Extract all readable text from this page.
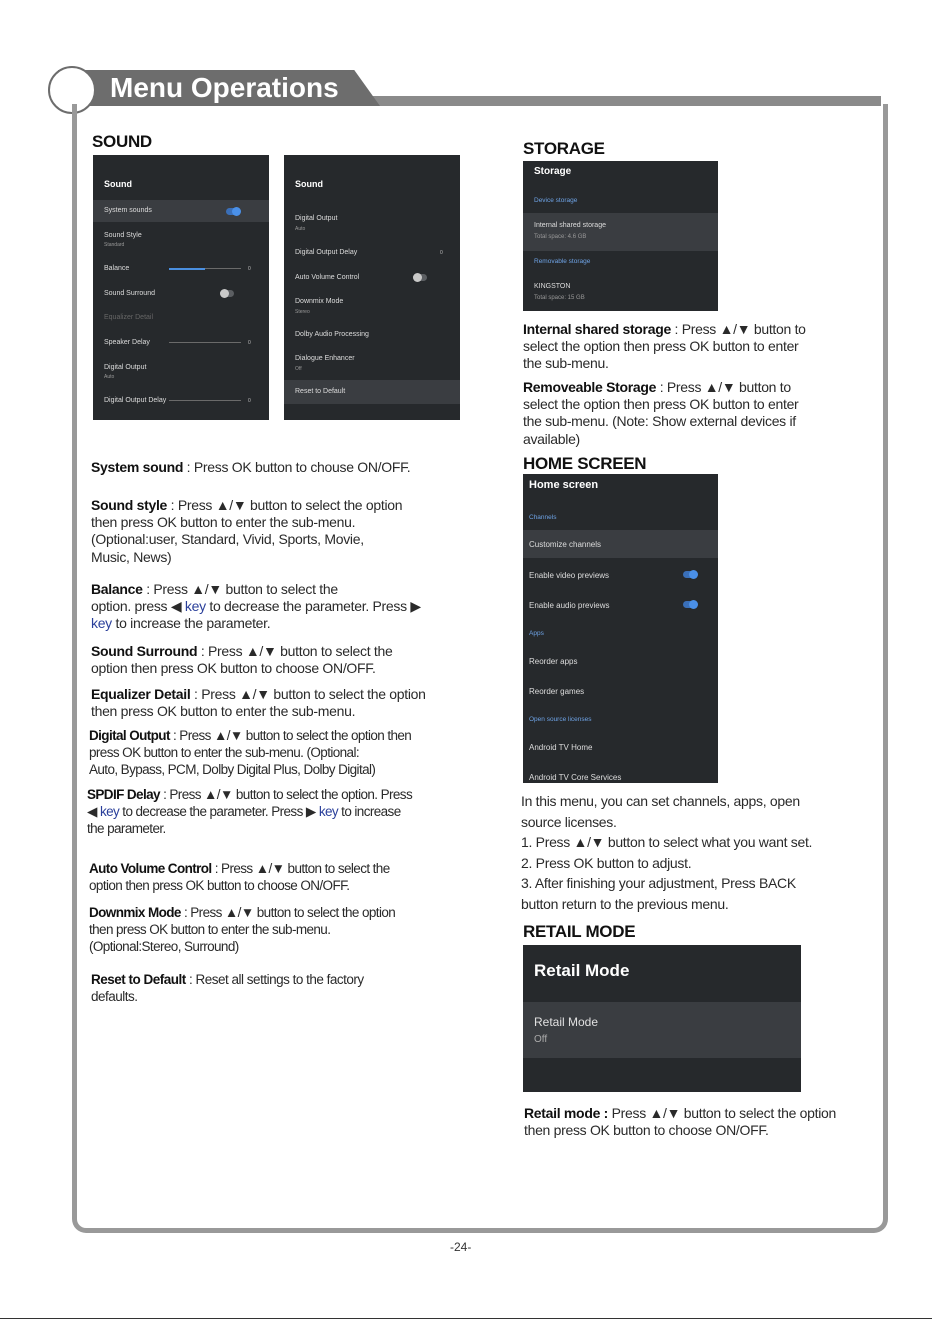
Menu Operations
SOUND	STORAGE
HOME SCREEN
RETAIL MODE
Sound
System sounds
Sound Style
Standard
Balance	0
Sound Surround
Equalizer Detail
Speaker Delay	0
Digital Output
Auto
Digital Output Delay	0
Sound
Digital Output
Auto
Digital Output Delay	0
Auto Volume Control
Downmix Mode
Stereo
Dolby Audio Processing
Dialogue Enhancer
Off
Reset to Default
Storage
Device storage
Internal shared storage
Total space: 4.6 GB
Removable storage
KINGSTON
Total space: 15 GB
Home screen
Channels
Customize channels
Enable video previews
Enable audio previews
Apps
Reorder apps
Reorder games
Open source licenses
Android TV Home
Android TV Core Services
Retail Mode
Retail Mode
Off
System sound : Press OK button to chouse ON/OFF.
Sound style : Press ▲/▼ button to select the option
then press OK button to enter the sub-menu.
(Optional:user, Standard, Vivid, Sports, Movie,
Music, News)
Balance : Press ▲/▼ button to select the
option. press ◀ key to decrease the parameter. Press ▶
key to increase the parameter.
Sound Surround : Press ▲/▼ button to select the
option then press OK button to choose ON/OFF.
Equalizer Detail : Press ▲/▼ button to select the option
then press OK button to enter the sub-menu.
Digital Output : Press ▲/▼ button to select the option then
press OK button to enter the sub-menu. (Optional:
Auto, Bypass, PCM, Dolby Digital Plus, Dolby Digital)
SPDIF Delay : Press ▲/▼ button to select the option. Press
◀ key to decrease the parameter. Press ▶ key to increase
the parameter.
Auto Volume Control : Press ▲/▼ button to select the
option then press OK button to choose ON/OFF.
Downmix Mode : Press ▲/▼ button to select the option
then press OK button to enter the sub-menu.
(Optional:Stereo, Surround)
Reset to Default : Reset all settings to the factory
defaults.
Internal shared storage : Press ▲/▼ button to
select the option then press OK button to enter
the sub-menu.
Removeable Storage : Press ▲/▼ button to
select the option then press OK button to enter
the sub-menu. (Note: Show external devices if
available)
In this menu, you can set channels, apps, open
source licenses.
1. Press ▲/▼ button to select what you want set.
2. Press OK button to adjust.
3. After finishing your adjustment, Press BACK
button return to the previous menu.
Retail mode : Press ▲/▼ button to select the option
then press OK button to choose ON/OFF.
-24-
